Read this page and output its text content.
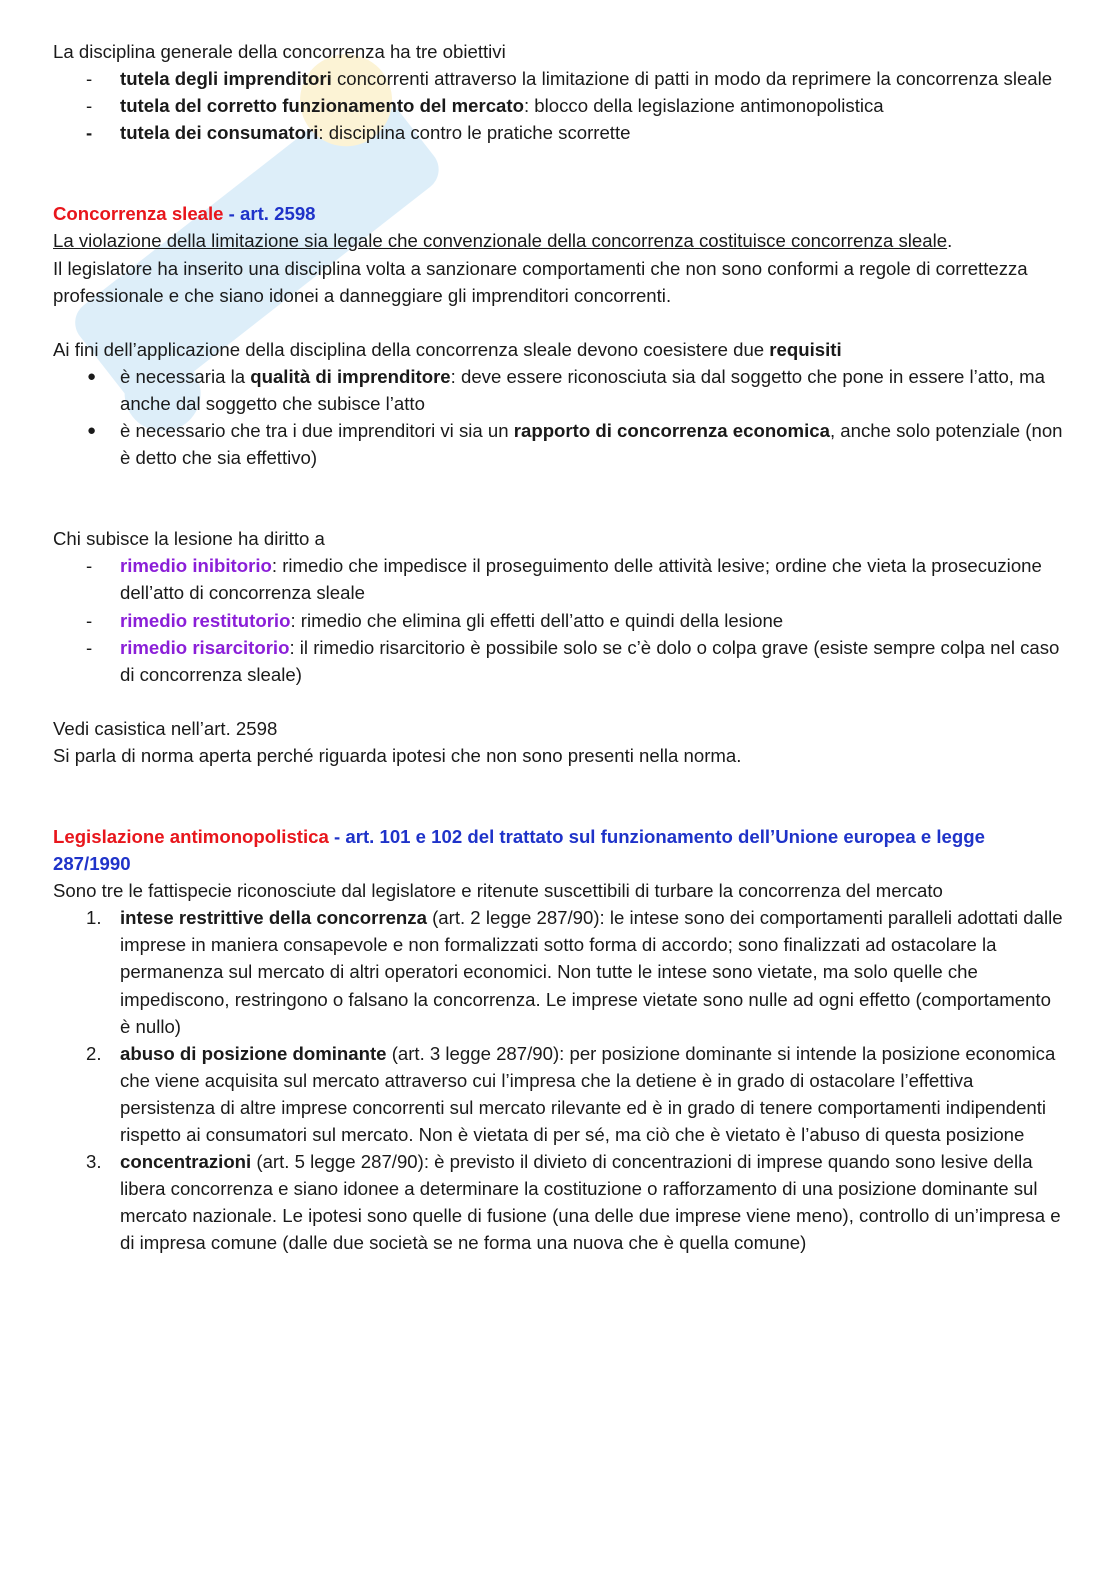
La disciplina generale della concorrenza ha tre obiettivi

- tutela degli imprenditori concorrenti attraverso la limitazione di patti in modo da reprimere la concorrenza sleale

- tutela del corretto funzionamento del mercato: blocco della legislazione antimonopolistica

- tutela dei consumatori: disciplina contro le pratiche scorrette

Concorrenza sleale - art. 2598

La violazione della limitazione sia legale che convenzionale della concorrenza costituisce concorrenza sleale.

Il legislatore ha inserito una disciplina volta a sanzionare comportamenti che non sono conformi a regole di correttezza professionale e che siano idonei a danneggiare gli imprenditori concorrenti.

Ai fini dell’applicazione della disciplina della concorrenza sleale devono coesistere due requisiti

● è necessaria la qualità di imprenditore: deve essere riconosciuta sia dal soggetto che pone in essere l’atto, ma anche dal soggetto che subisce l’atto

● è necessario che tra i due imprenditori vi sia un rapporto di concorrenza economica, anche solo potenziale (non è detto che sia effettivo)

Chi subisce la lesione ha diritto a

- rimedio inibitorio: rimedio che impedisce il proseguimento delle attività lesive; ordine che vieta la prosecuzione dell’atto di concorrenza sleale

- rimedio restitutorio: rimedio che elimina gli effetti dell’atto e quindi della lesione

- rimedio risarcitorio: il rimedio risarcitorio è possibile solo se c’è dolo o colpa grave (esiste sempre colpa nel caso di concorrenza sleale)

Vedi casistica nell’art. 2598

Si parla di norma aperta perché riguarda ipotesi che non sono presenti nella norma.

Legislazione antimonopolistica - art. 101 e 102 del trattato sul funzionamento dell’Unione europea e legge 287/1990

Sono tre le fattispecie riconosciute dal legislatore e ritenute suscettibili di turbare la concorrenza del mercato

1. intese restrittive della concorrenza (art. 2 legge 287/90): le intese sono dei comportamenti paralleli adottati dalle imprese in maniera consapevole e non formalizzati sotto forma di accordo; sono finalizzati ad ostacolare la permanenza sul mercato di altri operatori economici. Non tutte le intese sono vietate, ma solo quelle che impediscono, restringono o falsano la concorrenza. Le imprese vietate sono nulle ad ogni effetto (comportamento è nullo)

2. abuso di posizione dominante (art. 3 legge 287/90): per posizione dominante si intende la posizione economica che viene acquisita sul mercato attraverso cui l’impresa che la detiene è in grado di ostacolare l’effettiva persistenza di altre imprese concorrenti sul mercato rilevante ed è in grado di tenere comportamenti indipendenti rispetto ai consumatori sul mercato. Non è vietata di per sé, ma ciò che è vietato è l’abuso di questa posizione

3. concentrazioni (art. 5 legge 287/90): è previsto il divieto di concentrazioni di imprese quando sono lesive della libera concorrenza e siano idonee a determinare la costituzione o rafforzamento di una posizione dominante sul mercato nazionale. Le ipotesi sono quelle di fusione (una delle due imprese viene meno), controllo di un’impresa e di impresa comune (dalle due società se ne forma una nuova che è quella comune)
